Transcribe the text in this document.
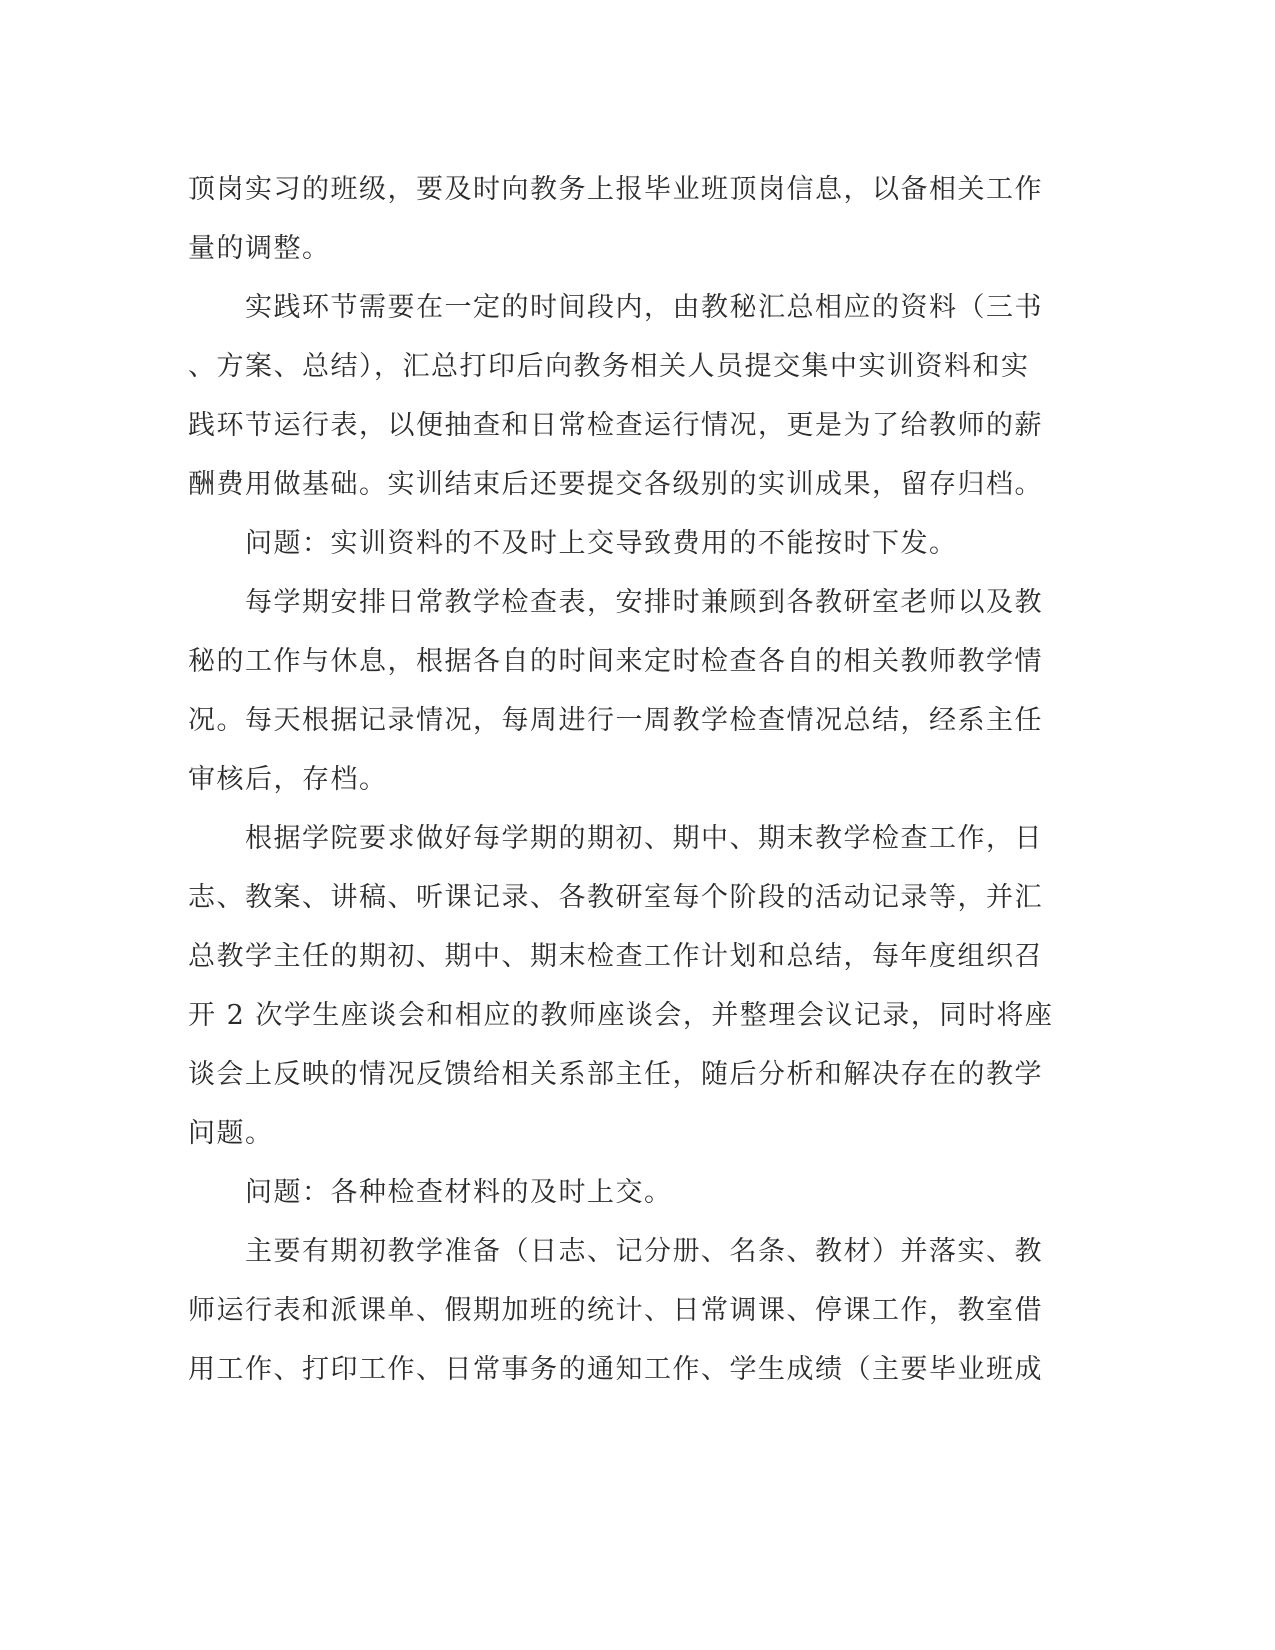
顶岗实习的班级，要及时向教务上报毕业班顶岗信息，以备相关工作
量的调整。

　　实践环节需要在一定的时间段内，由教秘汇总相应的资料（三书
、方案、总结），汇总打印后向教务相关人员提交集中实训资料和实
践环节运行表，以便抽查和日常检查运行情况，更是为了给教师的薪
酬费用做基础。实训结束后还要提交各级别的实训成果，留存归档。

　　问题：实训资料的不及时上交导致费用的不能按时下发。

　　每学期安排日常教学检查表，安排时兼顾到各教研室老师以及教
秘的工作与休息，根据各自的时间来定时检查各自的相关教师教学情
况。每天根据记录情况，每周进行一周教学检查情况总结，经系主任
审核后，存档。

　　根据学院要求做好每学期的期初、期中、期末教学检查工作，日
志、教案、讲稿、听课记录、各教研室每个阶段的活动记录等，并汇
总教学主任的期初、期中、期末检查工作计划和总结，每年度组织召
开 2 次学生座谈会和相应的教师座谈会，并整理会议记录，同时将座
谈会上反映的情况反馈给相关系部主任，随后分析和解决存在的教学
问题。

　　问题：各种检查材料的及时上交。

　　主要有期初教学准备（日志、记分册、名条、教材）并落实、教
师运行表和派课单、假期加班的统计、日常调课、停课工作，教室借
用工作、打印工作、日常事务的通知工作、学生成绩（主要毕业班成
